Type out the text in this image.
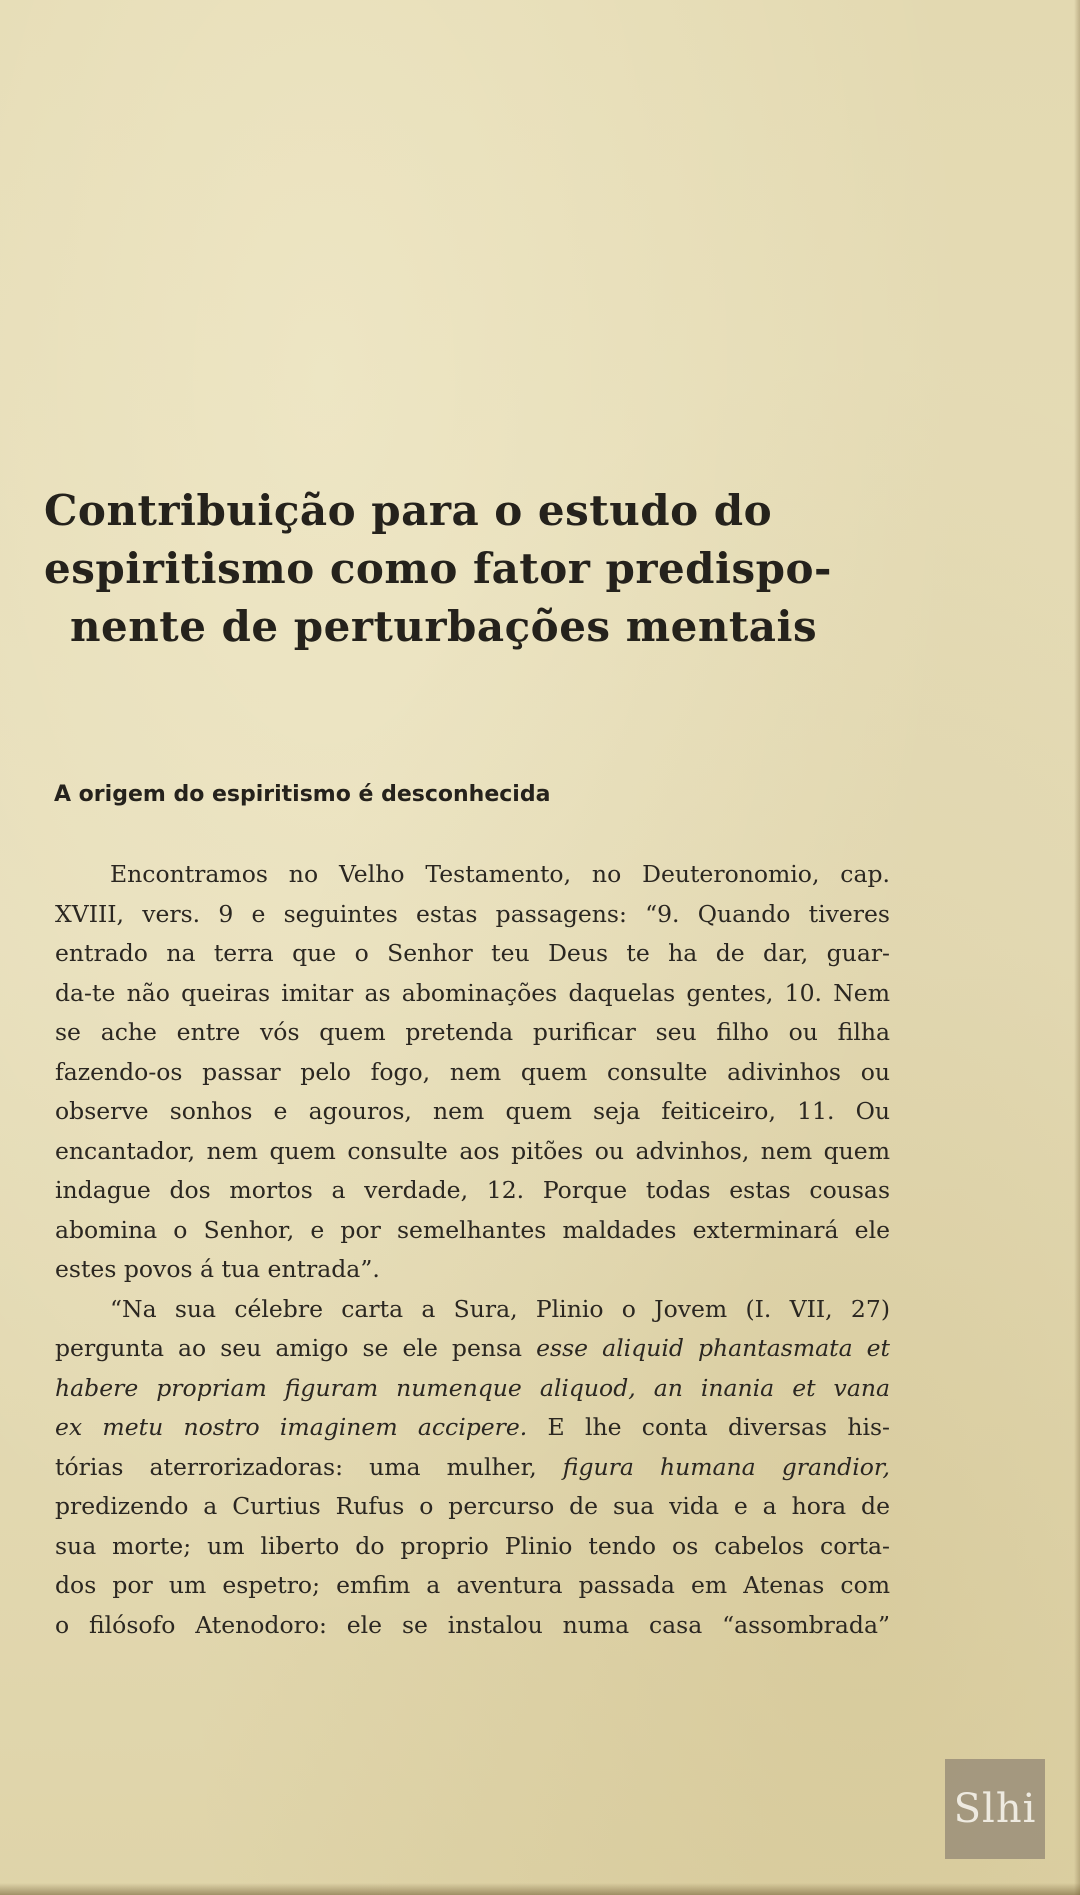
Contribuição para o estudo do
espiritismo como fator predispo-
nente de perturbações mentais
A origem do espiritismo é desconhecida
Encontramos no Velho Testamento, no Deuteronomio, cap.
XVIII, vers. 9 e seguintes estas passagens: “9. Quando tiveres
entrado na terra que o Senhor teu Deus te ha de dar, guar-
da-te não queiras imitar as abominações daquelas gentes, 10. Nem
se ache entre vós quem pretenda purificar seu filho ou filha
fazendo-os passar pelo fogo, nem quem consulte adivinhos ou
observe sonhos e agouros, nem quem seja feiticeiro, 11. Ou
encantador, nem quem consulte aos pitões ou advinhos, nem quem
indague dos mortos a verdade, 12. Porque todas estas cousas
abomina o Senhor, e por semelhantes maldades exterminará ele
estes povos á tua entrada”.
“Na sua célebre carta a Sura, Plinio o Jovem (I. VII, 27)
pergunta ao seu amigo se ele pensa esse aliquid phantasmata et
habere propriam figuram numenque aliquod, an inania et vana
ex metu nostro imaginem accipere. E lhe conta diversas his-
tórias aterrorizadoras: uma mulher, figura humana grandior,
predizendo a Curtius Rufus o percurso de sua vida e a hora de
sua morte; um liberto do proprio Plinio tendo os cabelos corta-
dos por um espetro; emfim a aventura passada em Atenas com
o filósofo Atenodoro: ele se instalou numa casa “assombrada”
Slhi
